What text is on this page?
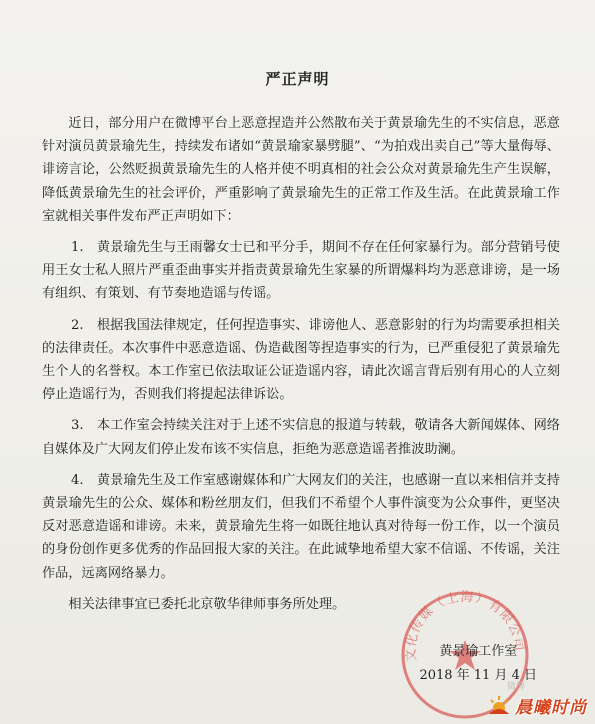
严正声明

近日，部分用户在微博平台上恶意捏造并公然散布关于黄景瑜先生的不实信息，恶意针对演员黄景瑜先生，持续发布诸如“黄景瑜家暴劈腿”、“为拍戏出卖自己”等大量侮辱、诽谤言论，公然贬损黄景瑜先生的人格并使不明真相的社会公众对黄景瑜先生产生误解，降低黄景瑜先生的社会评价，严重影响了黄景瑜先生的正常工作及生活。在此黄景瑜工作室就相关事件发布严正声明如下：

1.　黄景瑜先生与王雨馨女士已和平分手，期间不存在任何家暴行为。部分营销号使用王女士私人照片严重歪曲事实并指责黄景瑜先生家暴的所谓爆料均为恶意诽谤，是一场有组织、有策划、有节奏地造谣与传谣。

2.　根据我国法律规定，任何捏造事实、诽谤他人、恶意影射的行为均需要承担相关的法律责任。本次事件中恶意造谣、伪造截图等捏造事实的行为，已严重侵犯了黄景瑜先生个人的名誉权。本工作室已依法取证公证造谣内容，请此次谣言背后别有用心的人立刻停止造谣行为，否则我们将提起法律诉讼。

3.　本工作室会持续关注对于上述不实信息的报道与转载，敬请各大新闻媒体、网络自媒体及广大网友们停止发布该不实信息，拒绝为恶意造谣者推波助澜。

4.　黄景瑜先生及工作室感谢媒体和广大网友们的关注，也感谢一直以来相信并支持黄景瑜先生的公众、媒体和粉丝朋友们，但我们不希望个人事件演变为公众事件，更坚决反对恶意造谣和诽谤。未来，黄景瑜先生将一如既往地认真对待每一份工作，以一个演员的身份创作更多优秀的作品回报大家的关注。在此诚挚地希望大家不信谣、不传谣，关注作品，远离网络暴力。

相关法律事宜已委托北京敬华律师事务所处理。

文化传媒（上海）有限公司
黄景瑜工作室
2018 年 11 月 4 日
微博
晨曦时尚
